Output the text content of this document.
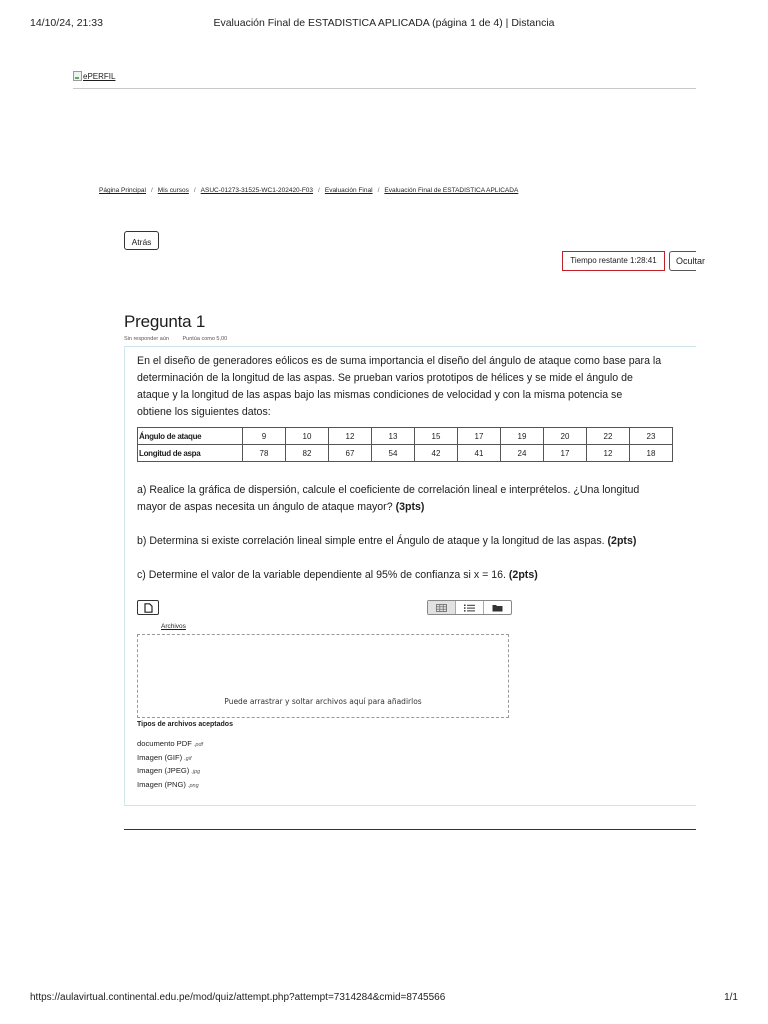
14/10/24, 21:33	Evaluación Final de ESTADISTICA APLICADA (página 1 de 4) | Distancia
ePERFIL
Página Principal / Mis cursos / ASUC-01273-31525-WC1-202420-F03 / Evaluación Final / Evaluación Final de ESTADISTICA APLICADA
Atrás
Tiempo restante 1:28:41	Ocultar
Pregunta 1
Sin responder aún Puntúa como 5,00
En el diseño de generadores eólicos es de suma importancia el diseño del ángulo de ataque como base para la
determinación de la longitud de las aspas. Se prueban varios prototipos de hélices y se mide el ángulo de
ataque y la longitud de las aspas bajo las mismas condiciones de velocidad y con la misma potencia se
obtiene los siguientes datos:
Ángulo de ataque	9	10	12	13	15	17	19	20	22	23
Longitud de aspa	78	82	67	54	42	41	24	17	12	18
a) Realice la gráfica de dispersión, calcule el coeficiente de correlación lineal e interprételos. ¿Una longitud
mayor de aspas necesita un ángulo de ataque mayor? (3pts)
b) Determina si existe correlación lineal simple entre el Ángulo de ataque y la longitud de las aspas. (2pts)
c) Determine el valor de la variable dependiente al 95% de confianza si x = 16. (2pts)
Archivos
Puede arrastrar y soltar archivos aquí para añadirlos
Tipos de archivos aceptados
documento PDF .pdf
Imagen (GIF) .gif
Imagen (JPEG) .jpg
Imagen (PNG) .png
https://aulavirtual.continental.edu.pe/mod/quiz/attempt.php?attempt=7314284&cmid=8745566	1/1
